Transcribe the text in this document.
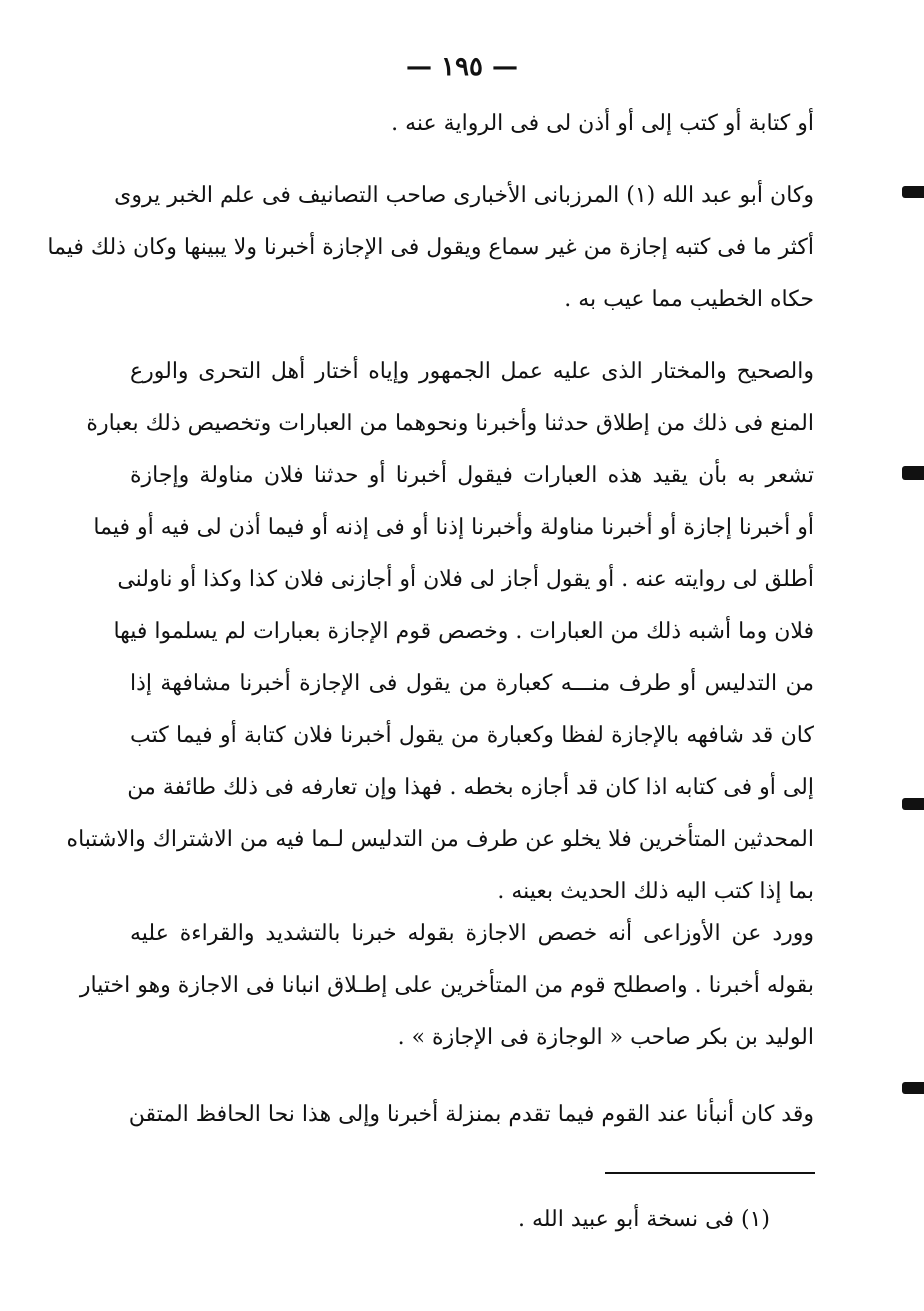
— ١٩٥ —
أو كتابة أو كتب إلى أو أذن لى فى الرواية عنه .
وكان أبو عبد الله (١) المرزبانى الأخبارى صاحب التصانيف فى علم الخبر يروى
أكثر ما فى كتبه إجازة من غير سماع ويقول فى الإجازة أخبرنا ولا يبينها وكان ذلك فيما
حكاه الخطيب مما عيب به .
والصحيح والمختار الذى عليه عمل الجمهور وإياه أختار أهل التحرى والورع
المنع فى ذلك من إطلاق حدثنا وأخبرنا ونحوهما من العبارات وتخصيص ذلك بعبارة
تشعر به بأن يقيد هذه العبارات فيقول أخبرنا أو حدثنا فلان مناولة وإجازة
أو أخبرنا إجازة أو أخبرنا مناولة وأخبرنا إذنا أو فى إذنه أو فيما أذن لى فيه أو فيما
أطلق لى روايته عنه . أو يقول أجاز لى فلان أو أجازنى فلان كذا وكذا أو ناولنى
فلان وما أشبه ذلك من العبارات . وخصص قوم الإجازة بعبارات لم يسلموا فيها
من التدليس أو طرف منـــه كعبارة من يقول فى الإجازة أخبرنا مشافهة إذا
كان قد شافهه بالإجازة لفظا وكعبارة من يقول أخبرنا فلان كتابة أو فيما كتب
إلى أو فى كتابه اذا كان قد أجازه بخطه . فهذا وإن تعارفه فى ذلك طائفة من
المحدثين المتأخرين فلا يخلو عن طرف من التدليس لـما فيه من الاشتراك والاشتباه
بما إذا كتب اليه ذلك الحديث بعينه .
وورد عن الأوزاعى أنه خصص الاجازة بقوله خبرنا بالتشديد والقراءة عليه
بقوله أخبرنا . واصطلح قوم من المتأخرين على إطـلاق انبانا فى الاجازة وهو اختيار
الوليد بن بكر صاحب « الوجازة فى الإجازة » .
وقد كان أنبأنا عند القوم فيما تقدم بمنزلة أخبرنا وإلى هذا نحا الحافظ المتقن
(١) فى نسخة أبو عبيد الله .
